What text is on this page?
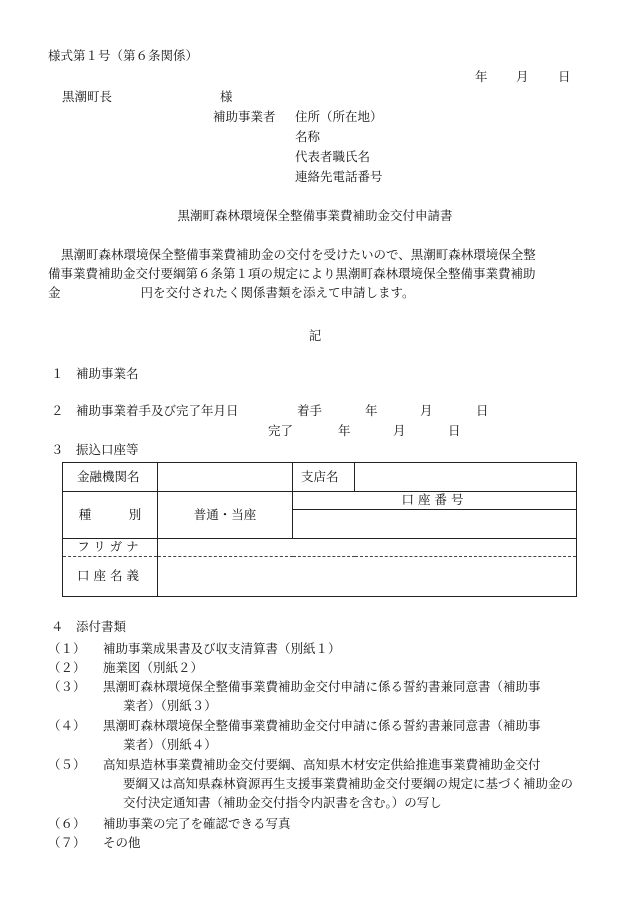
様式第１号（第６条関係）
年 月 日
黒潮町長	様
補助事業者 住所（所在地）
名称
代表者職氏名
連絡先電話番号
黒潮町森林環境保全整備事業費補助金交付申請書
黒潮町森林環境保全整備事業費補助金の交付を受けたいので、黒潮町森林環境保全整
備事業費補助金交付要綱第６条第１項の規定により黒潮町森林環境保全整備事業費補助
金	円を交付されたく関係書類を添えて申請します。
記
１ 補助事業名
２ 補助事業着手及び完了年月日	着手	年	月	日
完了	年	月	日
３ 振込口座等
金融機関名		支店名	
種　　　別	普通・当座	口座番号	

フリガナ			
口座名義			
４ 添付書類
（１） 補助事業成果書及び収支清算書（別紙１）
（２） 施業図（別紙２）
（３） 黒潮町森林環境保全整備事業費補助金交付申請に係る誓約書兼同意書（補助事
業者）（別紙３）
（４） 黒潮町森林環境保全整備事業費補助金交付申請に係る誓約書兼同意書（補助事
業者）（別紙４）
（５） 高知県造林事業費補助金交付要綱、高知県木材安定供給推進事業費補助金交付
要綱又は高知県森林資源再生支援事業費補助金交付要綱の規定に基づく補助金の
交付決定通知書（補助金交付指令内訳書を含む。）の写し
（６） 補助事業の完了を確認できる写真
（７） その他
